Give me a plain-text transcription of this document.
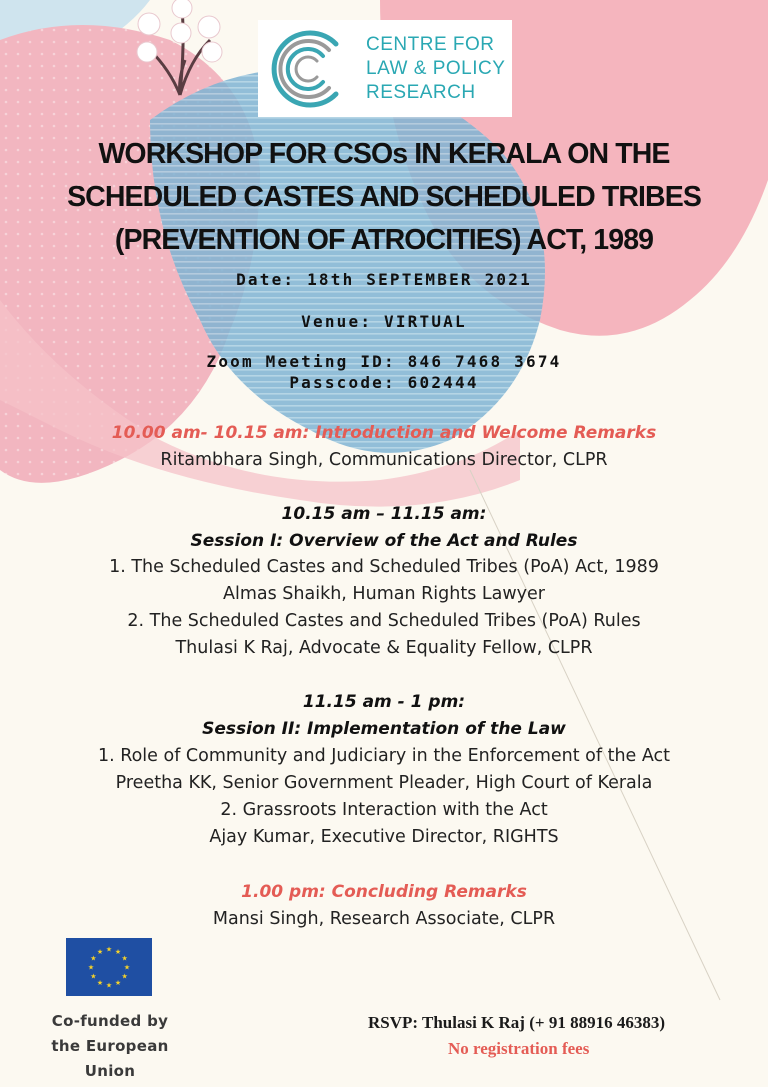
CENTRE FOR
LAW & POLICY
RESEARCH
WORKSHOP FOR CSOs IN KERALA ON THE
SCHEDULED CASTES AND SCHEDULED TRIBES
(PREVENTION OF ATROCITIES) ACT, 1989
Date: 18th SEPTEMBER 2021
Venue: VIRTUAL
Zoom Meeting ID: 846 7468 3674
Passcode: 602444
10.00 am- 10.15 am: Introduction and Welcome Remarks
Ritambhara Singh, Communications Director, CLPR
10.15 am – 11.15 am:
Session I: Overview of the Act and Rules
1. The Scheduled Castes and Scheduled Tribes (PoA) Act, 1989
Almas Shaikh, Human Rights Lawyer
2. The Scheduled Castes and Scheduled Tribes (PoA) Rules
Thulasi K Raj, Advocate & Equality Fellow, CLPR
11.15 am - 1 pm:
Session II: Implementation of the Law
1. Role of Community and Judiciary in the Enforcement of the Act
Preetha KK, Senior Government Pleader, High Court of Kerala
2. Grassroots Interaction with the Act
Ajay Kumar, Executive Director, RIGHTS
1.00 pm: Concluding Remarks
Mansi Singh, Research Associate, CLPR
★ ★
★
★
★
★
★
★
★
★
★
★
Co-funded by
the European
Union
RSVP: Thulasi K Raj (+ 91 88916 46383)
No registration fees
